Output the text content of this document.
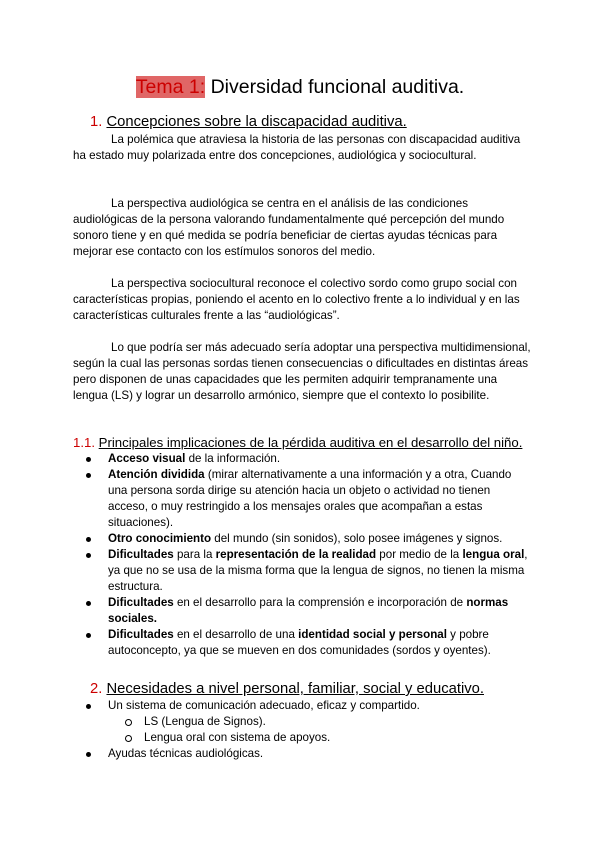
Tema 1: Diversidad funcional auditiva.
1. Concepciones sobre la discapacidad auditiva.
La polémica que atraviesa la historia de las personas con discapacidad auditiva ha estado muy polarizada entre dos concepciones, audiológica y sociocultural.
La perspectiva audiológica se centra en el análisis de las condiciones audiológicas de la persona valorando fundamentalmente qué percepción del mundo sonoro tiene y en qué medida se podría beneficiar de ciertas ayudas técnicas para mejorar ese contacto con los estímulos sonoros del medio.
La perspectiva sociocultural reconoce el colectivo sordo como grupo social con características propias, poniendo el acento en lo colectivo frente a lo individual y en las características culturales frente a las “audiológicas”.
Lo que podría ser más adecuado sería adoptar una perspectiva multidimensional, según la cual las personas sordas tienen consecuencias o dificultades en distintas áreas pero disponen de unas capacidades que les permiten adquirir tempranamente una lengua (LS) y lograr un desarrollo armónico, siempre que el contexto lo posibilite.
1.1. Principales implicaciones de la pérdida auditiva en el desarrollo del niño.
Acceso visual de la información.
Atención dividida (mirar alternativamente a una información y a otra, Cuando una persona sorda dirige su atención hacia un objeto o actividad no tienen acceso, o muy restringido a los mensajes orales que acompañan a estas situaciones).
Otro conocimiento del mundo (sin sonidos), solo posee imágenes y signos.
Dificultades para la representación de la realidad por medio de la lengua oral, ya que no se usa de la misma forma que la lengua de signos, no tienen la misma estructura.
Dificultades en el desarrollo para la comprensión e incorporación de normas sociales.
Dificultades en el desarrollo de una identidad social y personal y pobre autoconcepto, ya que se mueven en dos comunidades (sordos y oyentes).
2. Necesidades a nivel personal, familiar, social y educativo.
Un sistema de comunicación adecuado, eficaz y compartido.
LS (Lengua de Signos).
Lengua oral con sistema de apoyos.
Ayudas técnicas audiológicas.
